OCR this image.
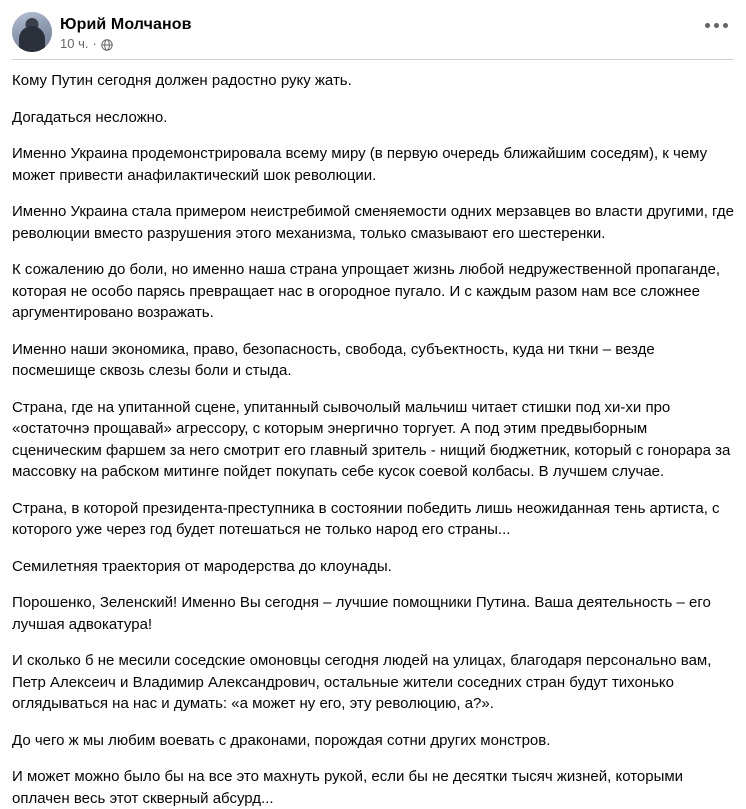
Юрий Молчанов
10 ч. ·

Кому Путин сегодня должен радостно руку жать.

Догадаться несложно.

Именно Украина продемонстрировала всему миру (в первую очередь ближайшим соседям), к чему может привести анафилактический шок революции.

Именно Украина стала примером неистребимой сменяемости одних мерзавцев во власти другими, где революции вместо разрушения этого механизма, только смазывают его шестеренки.

К сожалению до боли, но именно наша страна упрощает жизнь любой недружественной пропаганде, которая не особо парясь превращает нас в огородное пугало. И с каждым разом нам все сложнее аргументировано возражать.

Именно наши экономика, право, безопасность, свобода, субъектность, куда ни ткни – везде посмешище сквозь слезы боли и стыда.

Страна, где на упитанной сцене, упитанный сывочолый мальчиш читает стишки под хи-хи про «остаточнэ прощавай» агрессору, с которым энергично торгует. А под этим предвыборным сценическим фаршем за него смотрит его главный зритель - нищий бюджетник, который с гонорара за массовку на рабском митинге пойдет покупать себе кусок соевой колбасы. В лучшем случае.

Страна, в которой президента-преступника в состоянии победить лишь неожиданная тень артиста, с которого уже через год будет потешаться не только народ его страны...

Семилетняя траектория от мародерства до клоунады.

Порошенко, Зеленский! Именно Вы сегодня – лучшие помощники Путина. Ваша деятельность – его лучшая адвокатура!

И сколько б не месили соседские омоновцы сегодня людей на улицах, благодаря персонально вам, Петр Алексеич и Владимир Александрович, остальные жители соседних стран будут тихонько оглядываться на нас и думать: «а может ну его, эту революцию, а?».

До чего ж мы любим воевать с драконами, порождая сотни других монстров.

И может можно было бы на все это махнуть рукой, если бы не десятки тысяч жизней, которыми оплачен весь этот скверный абсурд...
